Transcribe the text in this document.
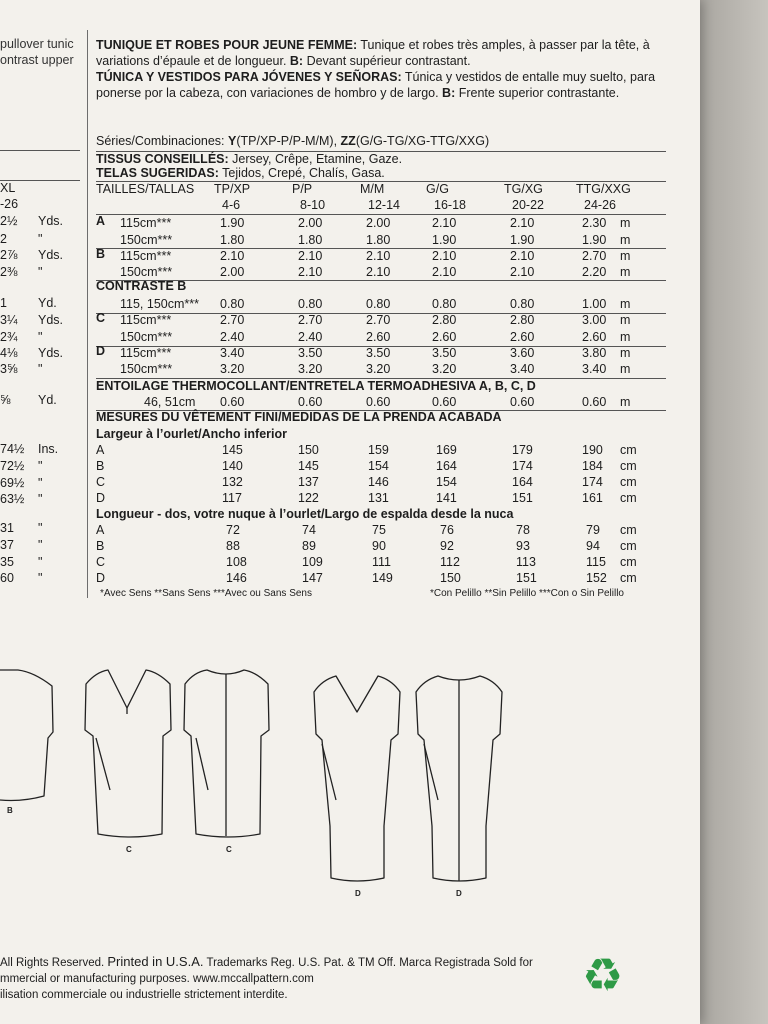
pullover tunic
ontrast upper
XL
-26
2½ Yds.
2 "
2⅞ Yds.
2⅜ "
1 Yd.
3¼ Yds.
2¾ "
4⅛ Yds.
3⅝ "
⅝ Yd.
74½ Ins.
72½ "
69½ "
63½ "
31 "
37 "
35 "
60 "
TUNIQUE ET ROBES POUR JEUNE FEMME: Tunique et robes très amples, à passer par la tête, à variations d’épaule et de longueur. B: Devant supérieur contrastant.
TÚNICA Y VESTIDOS PARA JÓVENES Y SEÑORAS: Túnica y vestidos de entalle muy suelto, para ponerse por la cabeza, con variaciones de hombro y de largo. B: Frente superior contrastante.
Séries/Combinaciones: Y(TP/XP-P/P-M/M), ZZ(G/G-TG/XG-TTG/XXG)
TISSUS CONSEILLÉS: Jersey, Crêpe, Etamine, Gaze.
TELAS SUGERIDAS: Tejidos, Crepé, Chalís, Gasa.
TAILLES/TALLAS TP/XP	P/P	M/M	G/G	TG/XG	TTG/XXG
4-6	8-10	12-14	16-18	20-22	24-26
A 115cm***	1.90	2.00	2.00	2.10	2.10	2.30 m
150cm***	1.80	1.80	1.80	1.90	1.90	1.90 m
B 115cm***	2.10	2.10	2.10	2.10	2.10	2.70 m
150cm***	2.00	2.10	2.10	2.10	2.10	2.20 m
CONTRASTE B
115, 150cm*** 0.80	0.80	0.80	0.80	0.80	1.00 m
C 115cm***	2.70	2.70	2.70	2.80	2.80	3.00 m
150cm***	2.40	2.40	2.60	2.60	2.60	2.60 m
D 115cm***	3.40	3.50	3.50	3.50	3.60	3.80 m
150cm***	3.20	3.20	3.20	3.20	3.40	3.40 m
ENTOILAGE THERMOCOLLANT/ENTRETELA TERMOADHESIVA A, B, C, D
46, 51cm 0.60	0.60	0.60	0.60	0.60	0.60 m
MESURES DU VÊTEMENT FINI/MEDIDAS DE LA PRENDA ACABADA
Largeur à l’ourlet/Ancho inferior
A	145	150	159	169	179	190 cm
B	140	145	154	164	174	184 cm
C	132	137	146	154	164	174 cm
D	117	122	131	141	151	161 cm
Longueur - dos, votre nuque à l’ourlet/Largo de espalda desde la nuca
A	72	74	75	76	78	79 cm
B	88	89	90	92	93	94 cm
C	108	109	111	112	113	115 cm
D	146	147	149	150	151	152 cm
*Avec Sens **Sans Sens ***Avec ou Sans Sens	*Con Pelillo **Sin Pelillo ***Con o Sin Pelillo
B
C	C
D	D
All Rights Reserved. Printed in U.S.A. Trademarks Reg. U.S. Pat. & TM Off. Marca Registrada Sold for
mmercial or manufacturing purposes. www.mccallpattern.com
ilisation commerciale ou industrielle strictement interdite.	♻
